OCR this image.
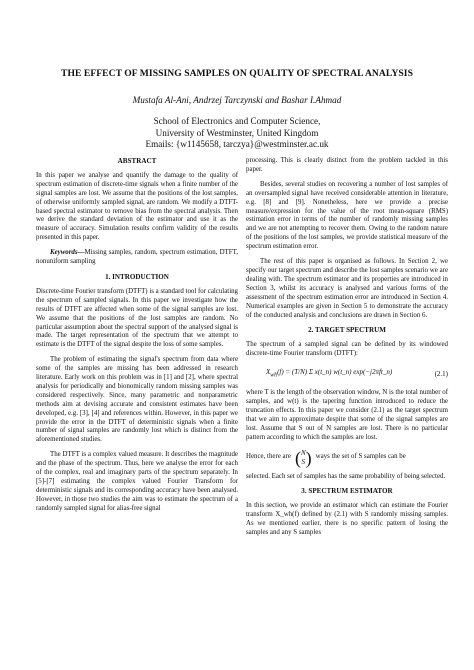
THE EFFECT OF MISSING SAMPLES ON QUALITY OF SPECTRAL ANALYSIS
Mustafa Al-Ani, Andrzej Tarczynski and Bashar I.Ahmad
School of Electronics and Computer Science,
University of Westminster, United Kingdom
Emails: {w1145658, tarczya}@westminster.ac.uk
ABSTRACT

In this paper we analyse and quantify the damage to the quality of spectrum estimation of discrete-time signals when a finite number of the signal samples are lost. We assume that the positions of the lost samples, of otherwise uniformly sampled signal, are random. We modify a DTFT-based spectral estimator to remove bias from the spectral analysis. Then we derive the standard deviation of the estimator and use it as the measure of accuracy. Simulation results confirm validity of the results presented in this paper.

Keywords—Missing samples, random, spectrum estimation, DTFT, nonuniform sampling

1. INTRODUCTION

Discrete-time Fourier transform (DTFT) is a standard tool for calculating the spectrum of sampled signals. In this paper we investigate how the results of DTFT are affected when some of the signal samples are lost. We assume that the positions of the lost samples are random. No particular assumption about the spectral support of the analysed signal is made. The target representation of the spectrum that we attempt to estimate is the DTFT of the signal despite the loss of some samples.

The problem of estimating the signal's spectrum from data where some of the samples are missing has been addressed in research literature. Early work on this problem was in [1] and [2], where spectral analysis for periodically and bionomically random missing samples was considered respectively. Since, many parametric and nonparametric methods aim at devising accurate and consistent estimates have been developed, e.g. [3], [4] and references within. However, in this paper we provide the error in the DTFT of deterministic signals when a finite number of signal samples are randomly lost which is distinct from the aforementioned studies.

The DTFT is a complex valued measure. It describes the magnitude and the phase of the spectrum. Thus, here we analyse the error for each of the complex, real and imaginary parts of the spectrum separately. In [5]-[7] estimating the complex valued Fourier Transform for deterministic signals and its corresponding accuracy have been analysed. However, in those two studies the aim was to estimate the spectrum of a randomly sampled signal for alias-free signal

processing. This is clearly distinct from the problem tackled in this paper.

Besides, several studies on recovering a number of lost samples of an oversampled signal have received considerable attention in literature, e.g. [8] and [9]. Nonetheless, here we provide a precise measure/expression for the value of the root mean-square (RMS) estimation error in terms of the number of randomly missing samples and we are not attempting to recover them. Owing to the random nature of the positions of the lost samples, we provide statistical measure of the spectrum estimation error.

The rest of this paper is organised as follows. In Section 2, we specify our target spectrum and describe the lost samples scenario we are dealing with. The spectrum estimator and its properties are introduced in Section 3, whilst its accuracy is analysed and various forms of the assessment of the spectrum estimation error are introduced in Section 4. Numerical examples are given in Section 5 to demonstrate the accuracy of the conducted analysis and conclusions are drawn in Section 6.

2. TARGET SPECTRUM

The spectrum of a sampled signal can be defined by its windowed discrete-time Fourier transform (DTFT):

$X_{wh}(f) = (T/N)$ Σ x(t_n) w(t_n) exp(−j2πft_n)	(2.1)

where T is the length of the observation window, N is the total number of samples, and w(t) is the tapering function introduced to reduce the truncation effects. In this paper we consider (2.1) as the target spectrum that we aim to approximate despite that some of the signal samples are lost. Assume that S out of N samples are lost. There is no particular pattern according to which the samples are lost.

Hence, there are ( N
S ) ways the set of S samples can be

selected. Each set of samples has the same probability of being selected.

3. SPECTRUM ESTIMATOR

In this section, we provide an estimator which can estimate the Fourier transform X_wh(f) defined by (2.1) with S randomly missing samples. As we mentioned earlier, there is no specific pattern of losing the samples and any S samples
